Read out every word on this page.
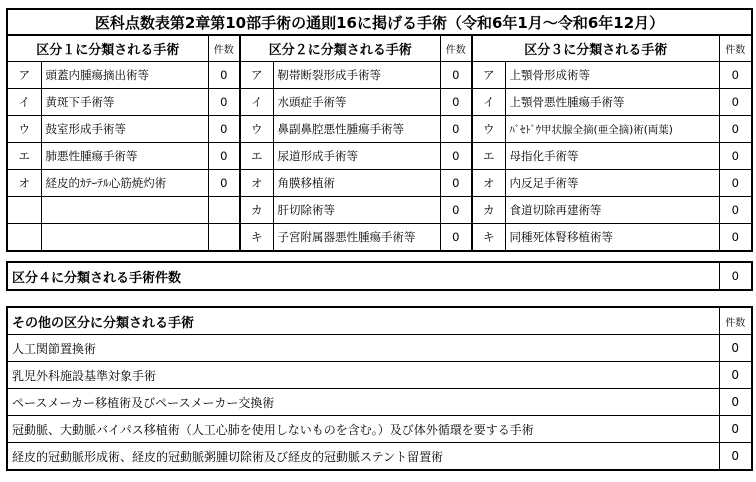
医科点数表第2章第10部手術の通則16に掲げる手術（令和6年1月～令和6年12月）								
区分１に分類される手術		件数	区分２に分類される手術		件数	区分３に分類される手術		件数
ア	頭蓋内腫瘍摘出術等	0	ア	靭帯断裂形成手術等	0	ア	上顎骨形成術等	0
イ	黄斑下手術等	0	イ	水頭症手術等	0	イ	上顎骨悪性腫瘍手術等	0
ウ	鼓室形成手術等	0	ウ	鼻副鼻腔悪性腫瘍手術等	0	ウ	ﾊﾞｾﾄﾞｳ甲状腺全摘(亜全摘)術(両葉)	0
エ	肺悪性腫瘍手術等	0	エ	尿道形成手術等	0	エ	母指化手術等	0
オ	経皮的ｶﾃｰﾃﾙ心筋焼灼術	0	オ	角膜移植術	0	オ	内反足手術等	0
			カ	肝切除術等	0	カ	食道切除再建術等	0
			キ	子宮附属器悪性腫瘍手術等	0	キ	同種死体腎移植術等	0
区分４に分類される手術件数	0
その他の区分に分類される手術	件数
人工関節置換術	0
乳児外科施設基準対象手術	0
ペースメーカー移植術及びペースメーカー交換術	0
冠動脈、大動脈バイパス移植術（人工心肺を使用しないものを含む。）及び体外循環を要する手術	0
経皮的冠動脈形成術、経皮的冠動脈粥腫切除術及び経皮的冠動脈ステント留置術	0
